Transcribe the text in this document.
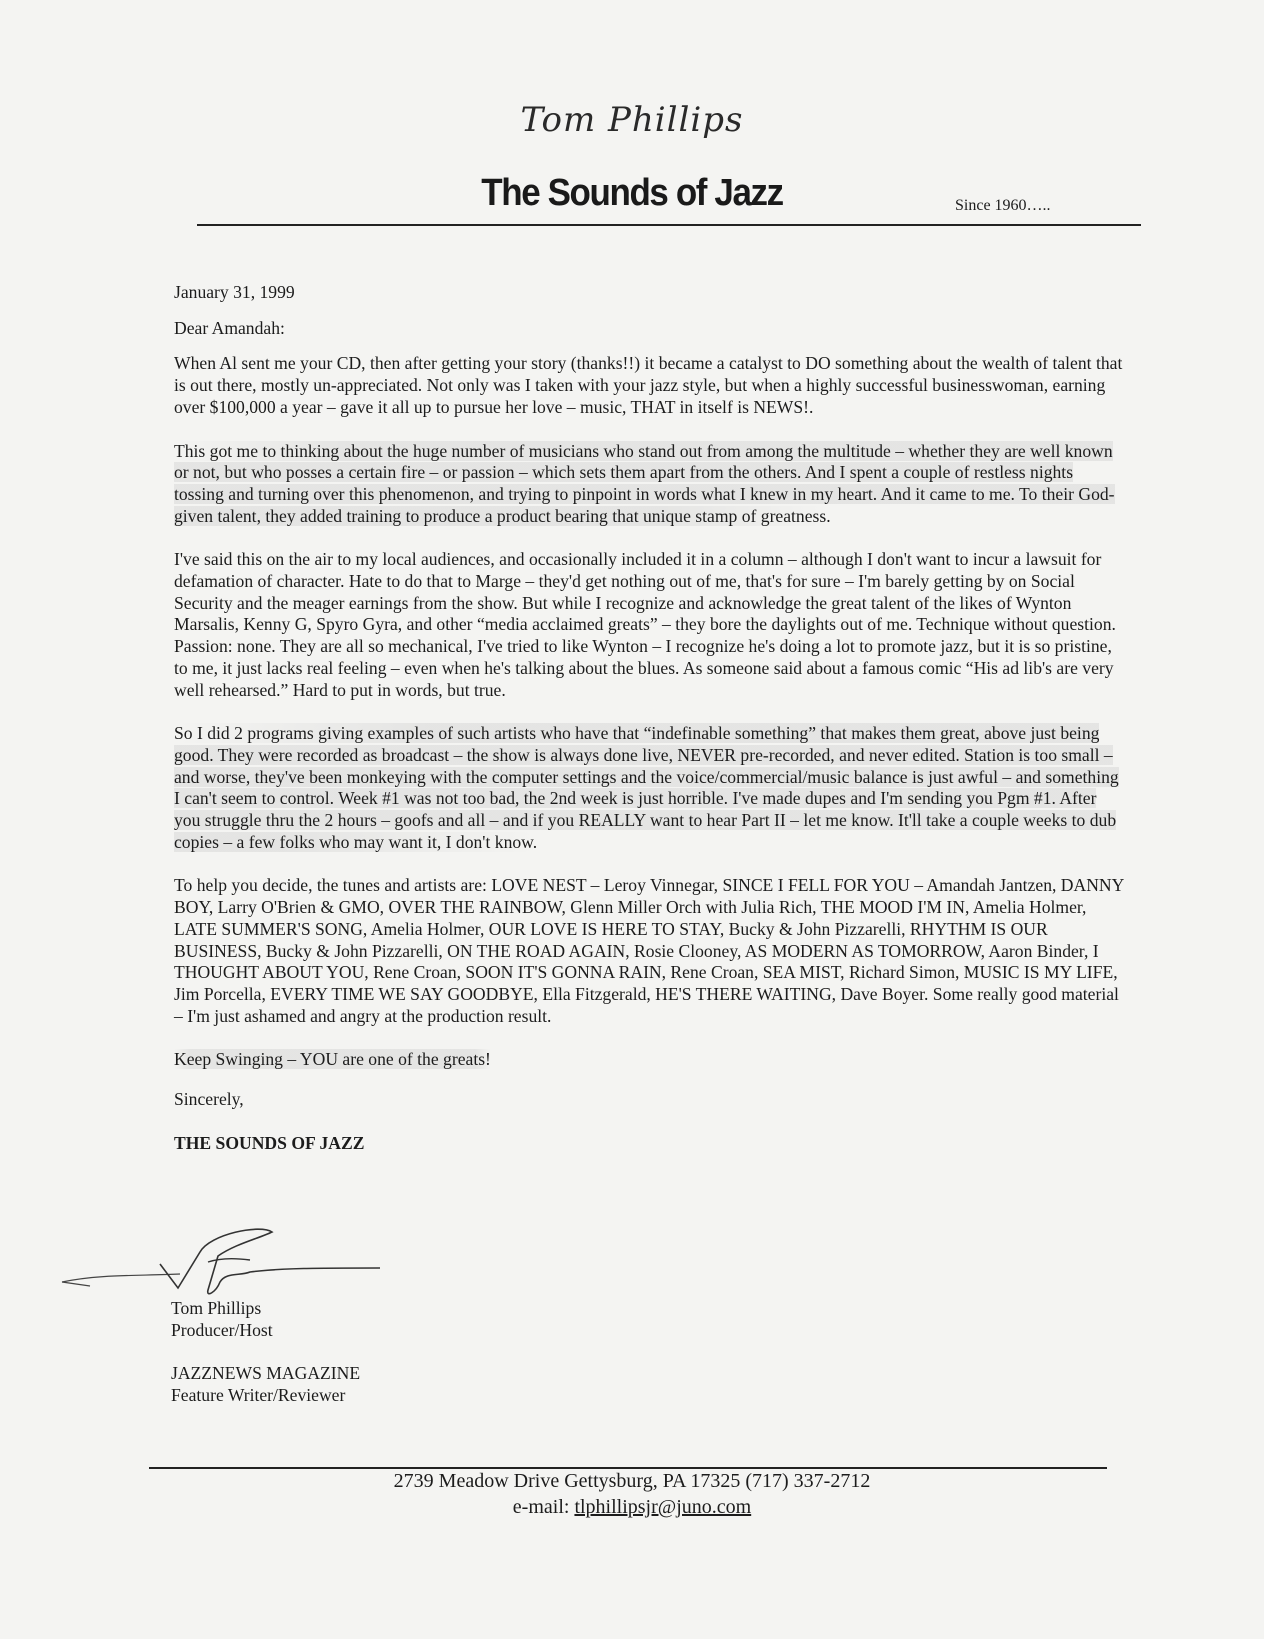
Tom Phillips
The Sounds of Jazz	Since 1960…..

January 31, 1999

Dear Amandah:

When Al sent me your CD, then after getting your story (thanks!!) it became a catalyst to DO something about the wealth of talent that is out there, mostly un-appreciated. Not only was I taken with your jazz style, but when a highly successful businesswoman, earning over $100,000 a year – gave it all up to pursue her love – music, THAT in itself is NEWS!.

This got me to thinking about the huge number of musicians who stand out from among the multitude – whether they are well known or not, but who posses a certain fire – or passion – which sets them apart from the others. And I spent a couple of restless nights tossing and turning over this phenomenon, and trying to pinpoint in words what I knew in my heart. And it came to me. To their God-given talent, they added training to produce a product bearing that unique stamp of greatness.

I've said this on the air to my local audiences, and occasionally included it in a column – although I don't want to incur a lawsuit for defamation of character. Hate to do that to Marge – they'd get nothing out of me, that's for sure – I'm barely getting by on Social Security and the meager earnings from the show. But while I recognize and acknowledge the great talent of the likes of Wynton Marsalis, Kenny G, Spyro Gyra, and other “media acclaimed greats” – they bore the daylights out of me. Technique without question. Passion: none. They are all so mechanical, I've tried to like Wynton – I recognize he's doing a lot to promote jazz, but it is so pristine, to me, it just lacks real feeling – even when he's talking about the blues. As someone said about a famous comic “His ad lib's are very well rehearsed.” Hard to put in words, but true.

So I did 2 programs giving examples of such artists who have that “indefinable something” that makes them great, above just being good. They were recorded as broadcast – the show is always done live, NEVER pre-recorded, and never edited. Station is too small – and worse, they've been monkeying with the computer settings and the voice/commercial/music balance is just awful – and something I can't seem to control. Week #1 was not too bad, the 2nd week is just horrible. I've made dupes and I'm sending you Pgm #1. After you struggle thru the 2 hours – goofs and all – and if you REALLY want to hear Part II – let me know. It'll take a couple weeks to dub copies – a few folks who may want it, I don't know.

To help you decide, the tunes and artists are: LOVE NEST – Leroy Vinnegar, SINCE I FELL FOR YOU – Amandah Jantzen, DANNY BOY, Larry O'Brien & GMO, OVER THE RAINBOW, Glenn Miller Orch with Julia Rich, THE MOOD I'M IN, Amelia Holmer, LATE SUMMER'S SONG, Amelia Holmer, OUR LOVE IS HERE TO STAY, Bucky & John Pizzarelli, RHYTHM IS OUR BUSINESS, Bucky & John Pizzarelli, ON THE ROAD AGAIN, Rosie Clooney, AS MODERN AS TOMORROW, Aaron Binder, I THOUGHT ABOUT YOU, Rene Croan, SOON IT'S GONNA RAIN, Rene Croan, SEA MIST, Richard Simon, MUSIC IS MY LIFE, Jim Porcella, EVERY TIME WE SAY GOODBYE, Ella Fitzgerald, HE'S THERE WAITING, Dave Boyer. Some really good material – I'm just ashamed and angry at the production result.

Keep Swinging – YOU are one of the greats!

Sincerely,

THE SOUNDS OF JAZZ

Tom Phillips

Producer/Host

JAZZNEWS MAGAZINE

Feature Writer/Reviewer

2739 Meadow Drive Gettysburg, PA 17325 (717) 337-2712

e-mail: tlphillipsjr@juno.com
